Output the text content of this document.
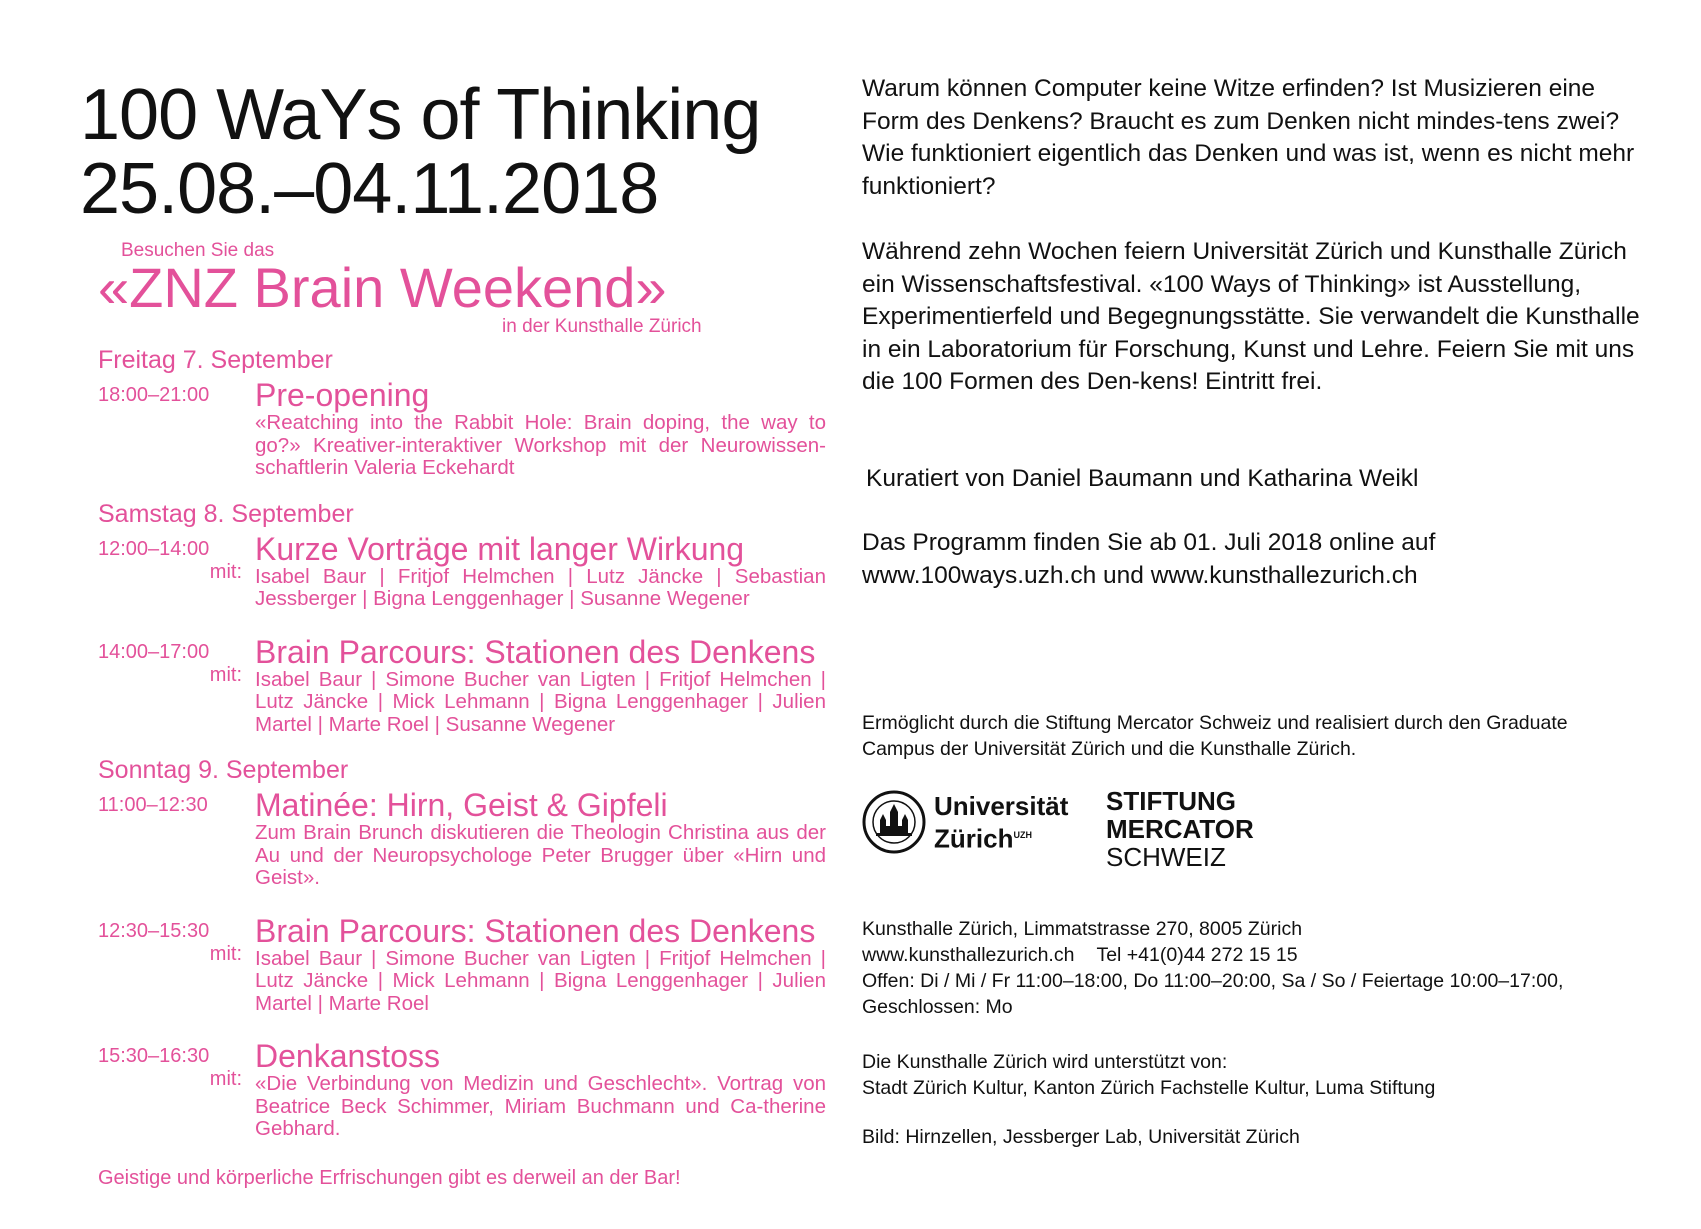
100 WaYs of Thinking
25.08.–04.11.2018
Besuchen Sie das
«ZNZ Brain Weekend»
in der Kunsthalle Zürich
Freitag 7. September
18:00–21:00	Pre-opening
«Reatching into the Rabbit Hole: Brain doping, the way to go?» Kreativer-interaktiver Workshop mit der Neurowissen-schaftlerin Valeria Eckehardt
Samstag 8. September
12:00–14:00
mit:
Kurze Vorträge mit langer Wirkung
Isabel Baur | Fritjof Helmchen | Lutz Jäncke | Sebastian Jessberger | Bigna Lenggenhager | Susanne Wegener
14:00–17:00
mit:
Brain Parcours: Stationen des Denkens
Isabel Baur | Simone Bucher van Ligten | Fritjof Helmchen | Lutz Jäncke | Mick Lehmann | Bigna Lenggenhager | Julien Martel | Marte Roel | Susanne Wegener
Sonntag 9. September
11:00–12:30	Matinée: Hirn, Geist & Gipfeli
Zum Brain Brunch diskutieren die Theologin Christina aus der Au und der Neuropsychologe Peter Brugger über «Hirn und Geist».
12:30–15:30
mit:
Brain Parcours: Stationen des Denkens
Isabel Baur | Simone Bucher van Ligten | Fritjof Helmchen | Lutz Jäncke | Mick Lehmann | Bigna Lenggenhager | Julien Martel | Marte Roel
15:30–16:30
mit:
Denkanstoss
«Die Verbindung von Medizin und Geschlecht». Vortrag von Beatrice Beck Schimmer, Miriam Buchmann und Ca-therine Gebhard.
Geistige und körperliche Erfrischungen gibt es derweil an der Bar!
Warum können Computer keine Witze erfinden? Ist Musizieren eine Form des Denkens? Braucht es zum Denken nicht mindes-tens zwei? Wie funktioniert eigentlich das Denken und was ist, wenn es nicht mehr funktioniert?
Während zehn Wochen feiern Universität Zürich und Kunsthalle Zürich ein Wissenschaftsfestival. «100 Ways of Thinking» ist Ausstellung, Experimentierfeld und Begegnungsstätte. Sie verwandelt die Kunsthalle in ein Laboratorium für Forschung, Kunst und Lehre. Feiern Sie mit uns die 100 Formen des Den-kens! Eintritt frei.
Kuratiert von Daniel Baumann und Katharina Weikl
Das Programm finden Sie ab 01. Juli 2018 online auf
www.100ways.uzh.ch und www.kunsthallezurich.ch
Ermöglicht durch die Stiftung Mercator Schweiz und realisiert durch den Graduate Campus der Universität Zürich und die Kunsthalle Zürich.
Universität
Zürich$^{UZH}$
STIFTUNG
MERCATOR
SCHWEIZ
Kunsthalle Zürich, Limmatstrasse 270, 8005 Zürich
www.kunsthallezurich.ch Tel +41(0)44 272 15 15
Offen: Di / Mi / Fr 11:00–18:00, Do 11:00–20:00, Sa / So / Feiertage 10:00–17:00, Geschlossen: Mo
Die Kunsthalle Zürich wird unterstützt von:
Stadt Zürich Kultur, Kanton Zürich Fachstelle Kultur, Luma Stiftung
Bild: Hirnzellen, Jessberger Lab, Universität Zürich
